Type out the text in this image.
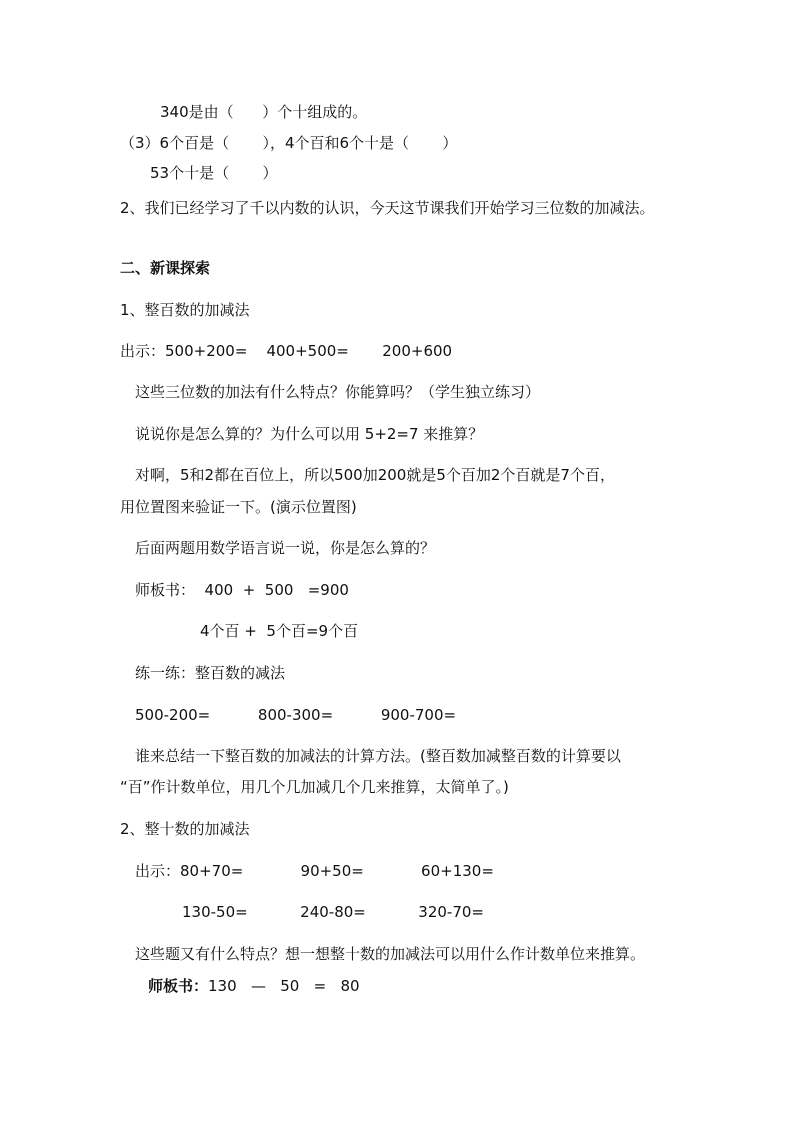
340是由（      ）个十组成的。
（3）6个百是（       ），4个百和6个十是（       ）
53个十是（       ）
2、我们已经学习了千以内数的认识，今天这节课我们开始学习三位数的加减法。
二、新课探索
1、整百数的加减法
出示：500+200=    400+500=       200+600
这些三位数的加法有什么特点？你能算吗？（学生独立练习）
说说你是怎么算的？为什么可以用 5+2=7 来推算？
对啊，5和2都在百位上，所以500加200就是5个百加2个百就是7个百，
用位置图来验证一下。(演示位置图)
后面两题用数学语言说一说，你是怎么算的？
师板书：  400  +  500   =900
4个百 +  5个百=9个百
练一练：整百数的减法
500-200=          800-300=          900-700=
谁来总结一下整百数的加减法的计算方法。(整百数加减整百数的计算要以
“百”作计数单位，用几个几加减几个几来推算，太简单了。)
2、整十数的加减法
出示：80+70=            90+50=            60+130=
130-50=           240-80=           320-70=
这些题又有什么特点？想一想整十数的加减法可以用什么作计数单位来推算。
师板书：130   —   50   =   80
